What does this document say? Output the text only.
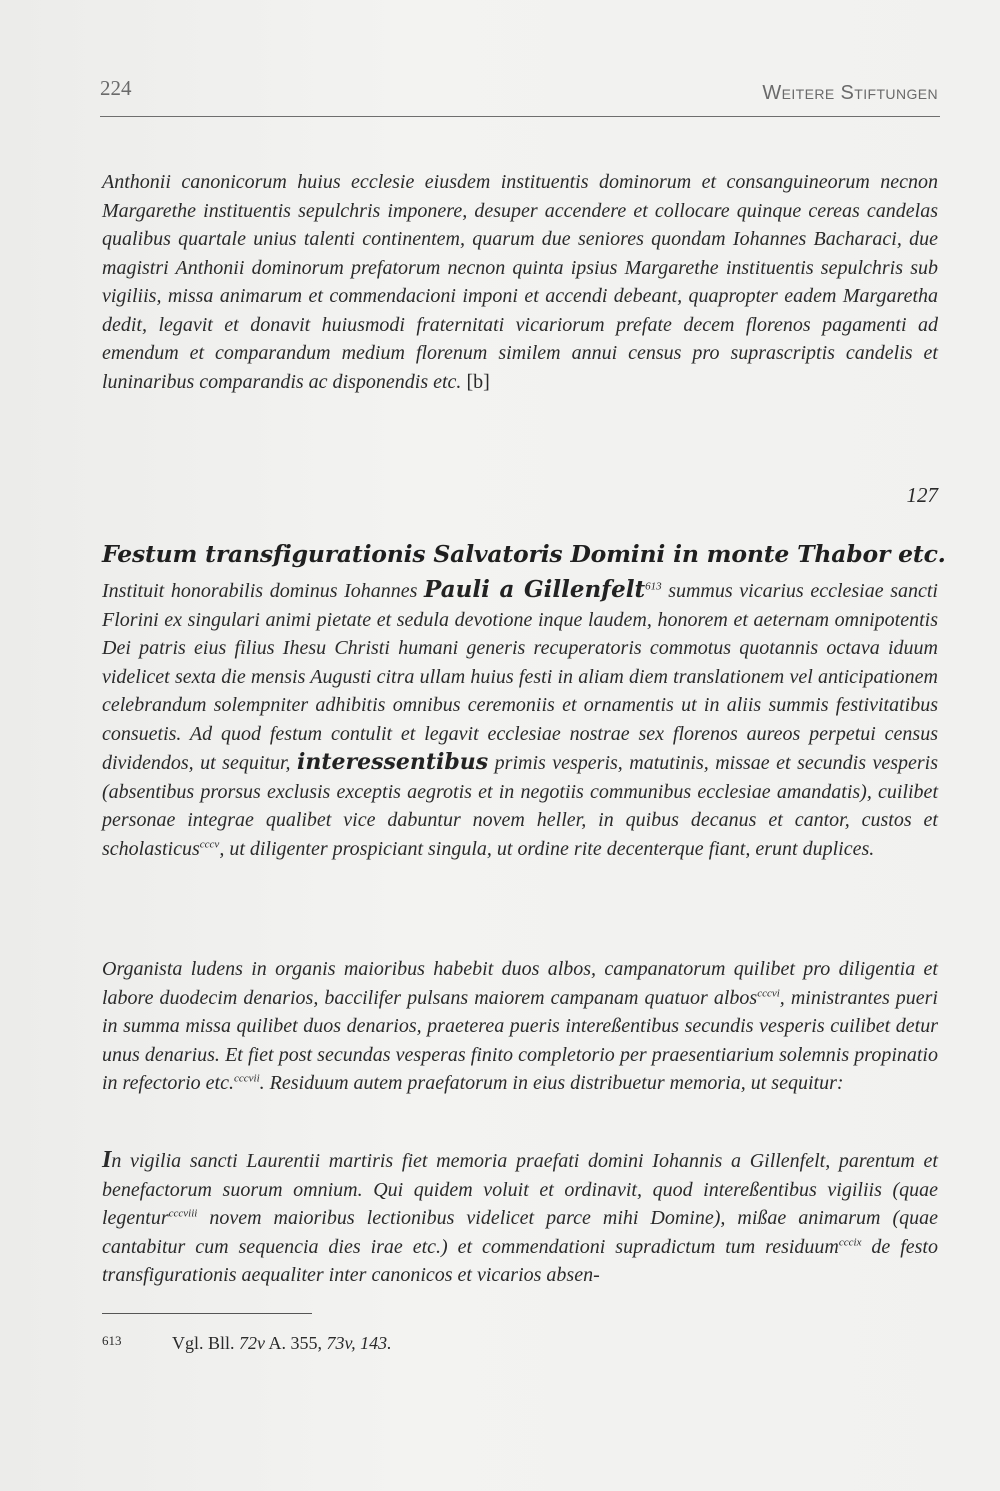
224	Weitere Stiftungen

Anthonii canonicorum huius ecclesie eiusdem instituentis dominorum et consanguineorum necnon Margarethe instituentis sepulchris imponere, desuper accendere et collocare quinque cereas candelas qualibus quartale unius talenti continentem, quarum due seniores quondam Iohannes Bacharaci, due magistri Anthonii dominorum prefatorum necnon quinta ipsius Margarethe instituentis sepulchris sub vigiliis, missa animarum et commendacioni imponi et accendi debeant, quapropter eadem Margaretha dedit, legavit et donavit huiusmodi fraternitati vicariorum prefate decem florenos pagamenti ad emendum et comparandum medium florenum similem annui census pro suprascriptis candelis et luninaribus comparandis ac disponendis etc. [b]

127
Festum transfigurationis Salvatoris Domini in monte Thabor etc.

Instituit honorabilis dominus Iohannes Pauli a Gillenfelt$^{613}$ summus vicarius ecclesiae sancti Florini ex singulari animi pietate et sedula devotione inque laudem, honorem et aeternam omnipotentis Dei patris eius filius Ihesu Christi humani generis recuperatoris commotus quotannis octava iduum videlicet sexta die mensis Augusti citra ullam huius festi in aliam diem translationem vel anticipationem celebrandum solempniter adhibitis omnibus ceremoniis et ornamentis ut in aliis summis festivitatibus consuetis. Ad quod festum contulit et legavit ecclesiae nostrae sex florenos aureos perpetui census dividendos, ut sequitur, interessentibus primis vesperis, matutinis, missae et secundis vesperis (absentibus prorsus exclusis exceptis aegrotis et in negotiis communibus ecclesiae amandatis), cuilibet personae integrae qualibet vice dabuntur novem heller, in quibus decanus et cantor, custos et scholasticus$^{cccv}$, ut diligenter prospiciant singula, ut ordine rite decenterque fiant, erunt duplices.

Organista ludens in organis maioribus habebit duos albos, campanatorum quilibet pro diligentia et labore duodecim denarios, baccilifer pulsans maiorem campanam quatuor albos$^{cccvi}$, ministrantes pueri in summa missa quilibet duos denarios, praeterea pueris intereßentibus secundis vesperis cuilibet detur unus denarius. Et fiet post secundas vesperas finito completorio per praesentiarium solemnis propinatio in refectorio etc.$^{cccvii}$. Residuum autem praefatorum in eius distribuetur memoria, ut sequitur:

In vigilia sancti Laurentii martiris fiet memoria praefati domini Iohannis a Gillenfelt, parentum et benefactorum suorum omnium. Qui quidem voluit et ordinavit, quod intereßentibus vigiliis (quae legentur$^{cccviii}$ novem maioribus lectionibus videlicet parce mihi Domine), mißae animarum (quae cantabitur cum sequencia dies irae etc.) et commendationi supradictum tum residuum$^{cccix}$ de festo transfigurationis aequaliter inter canonicos et vicarios absen-

613	Vgl. Bll. 72v A. 355, 73v, 143.
